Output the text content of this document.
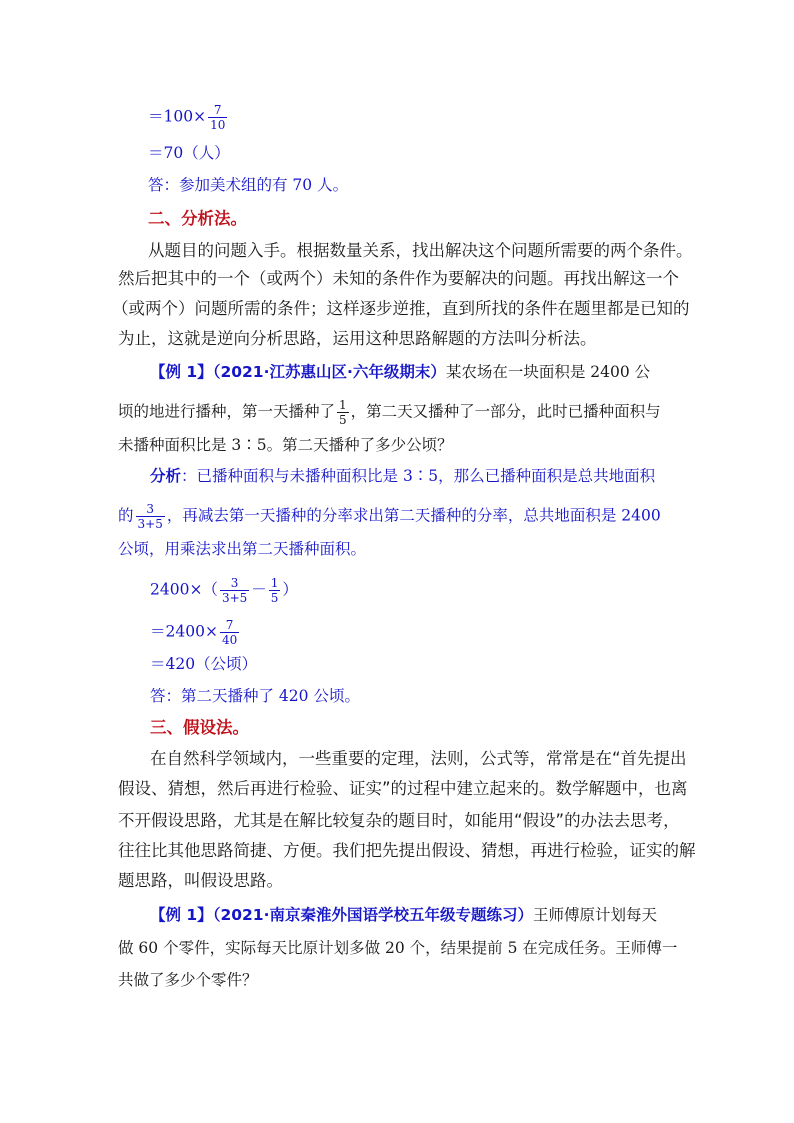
$=100\times \frac{7}{10}$
＝70（人）
答：参加美术组的有 70 人。
二、分析法。
从题目的问题入手。根据数量关系，找出解决这个问题所需要的两个条件。
然后把其中的一个（或两个）未知的条件作为要解决的问题。再找出解这一个
（或两个）问题所需的条件；这样逐步逆推，直到所找的条件在题里都是已知的
为止，这就是逆向分析思路，运用这种思路解题的方法叫分析法。
【例 1】（2021·江苏惠山区·六年级期末）某农场在一块面积是 2400 公
顷的地进行播种，第一天播种了 $\frac{1}{5}$ ，第二天又播种了一部分，此时已播种面积与
未播种面积比是 3∶5。第二天播种了多少公顷？
分析：已播种面积与未播种面积比是 3∶5，那么已播种面积是总共地面积
的 $\frac{3}{3+5}$ ，再减去第一天播种的分率求出第二天播种的分率，总共地面积是 2400
公顷，用乘法求出第二天播种面积。
$2400\times( \frac{3}{3+5} - \frac{1}{5}$ ）
$=2400\times \frac{7}{40}$
＝420（公顷）
答：第二天播种了 420 公顷。
三、假设法。
在自然科学领域内，一些重要的定理，法则，公式等，常常是在“首先提出
假设、猜想，然后再进行检验、证实”的过程中建立起来的。数学解题中，也离
不开假设思路，尤其是在解比较复杂的题目时，如能用“假设”的办法去思考，
往往比其他思路简捷、方便。我们把先提出假设、猜想，再进行检验，证实的解
题思路，叫假设思路。
【例 1】（2021·南京秦淮外国语学校五年级专题练习）王师傅原计划每天
做 60 个零件，实际每天比原计划多做 20 个，结果提前 5 在完成任务。王师傅一
共做了多少个零件？
